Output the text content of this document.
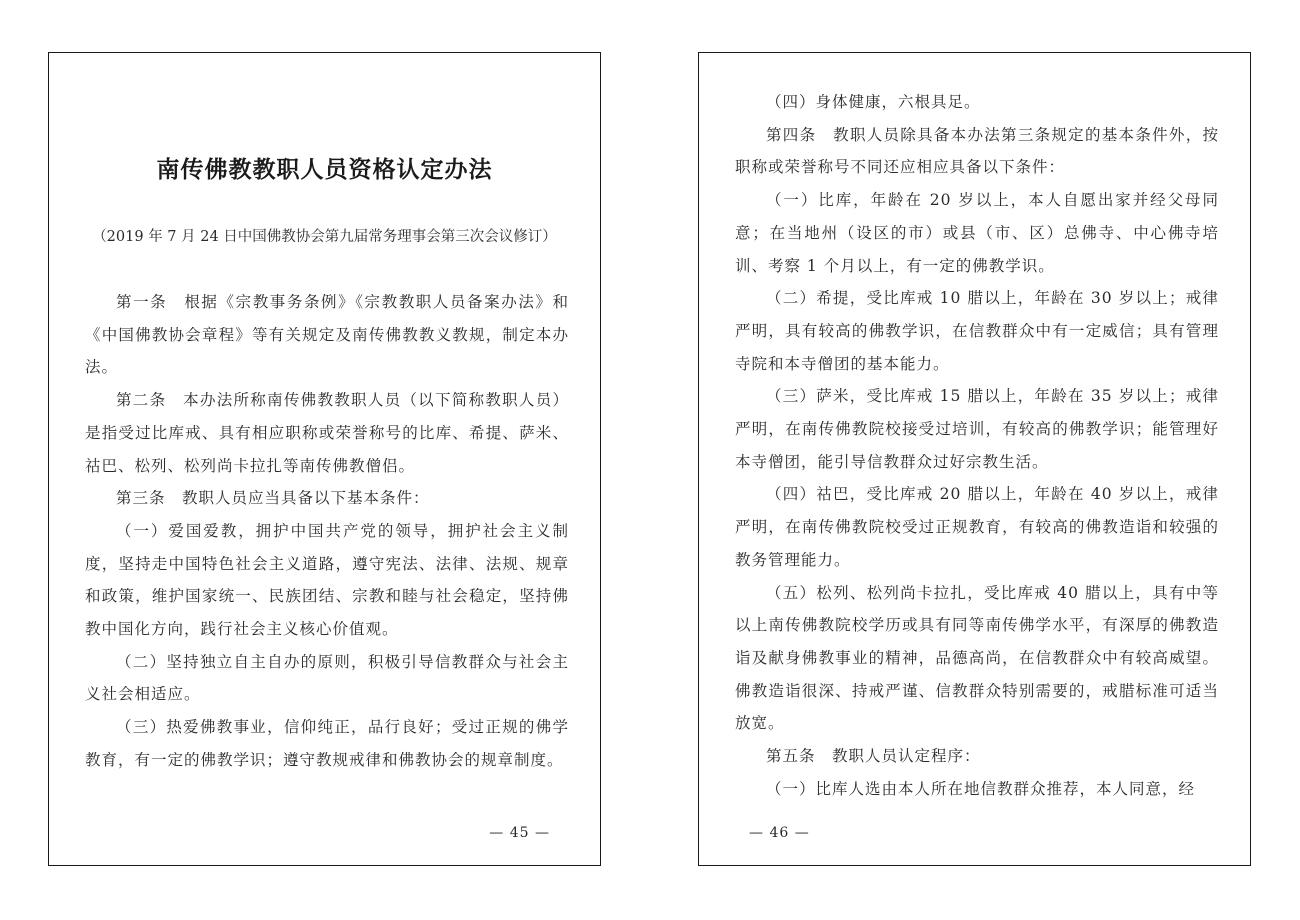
南传佛教教职人员资格认定办法
（2019 年 7 月 24 日中国佛教协会第九届常务理事会第三次会议修订）

第一条　根据《宗教事务条例》《宗教教职人员备案办法》和《中国佛教协会章程》等有关规定及南传佛教教义教规，制定本办法。

第二条　本办法所称南传佛教教职人员（以下简称教职人员）是指受过比库戒、具有相应职称或荣誉称号的比库、希提、萨米、祜巴、松列、松列尚卡拉扎等南传佛教僧侣。

第三条　教职人员应当具备以下基本条件：

（一）爱国爱教，拥护中国共产党的领导，拥护社会主义制度，坚持走中国特色社会主义道路，遵守宪法、法律、法规、规章和政策，维护国家统一、民族团结、宗教和睦与社会稳定，坚持佛教中国化方向，践行社会主义核心价值观。

（二）坚持独立自主自办的原则，积极引导信教群众与社会主义社会相适应。

（三）热爱佛教事业，信仰纯正，品行良好；受过正规的佛学教育，有一定的佛教学识；遵守教规戒律和佛教协会的规章制度。

— 45 —

（四）身体健康，六根具足。

第四条　教职人员除具备本办法第三条规定的基本条件外，按职称或荣誉称号不同还应相应具备以下条件：

（一）比库，年龄在 20 岁以上，本人自愿出家并经父母同意；在当地州（设区的市）或县（市、区）总佛寺、中心佛寺培训、考察 1 个月以上，有一定的佛教学识。

（二）希提，受比库戒 10 腊以上，年龄在 30 岁以上；戒律严明，具有较高的佛教学识，在信教群众中有一定威信；具有管理寺院和本寺僧团的基本能力。

（三）萨米，受比库戒 15 腊以上，年龄在 35 岁以上；戒律严明，在南传佛教院校接受过培训，有较高的佛教学识；能管理好本寺僧团，能引导信教群众过好宗教生活。

（四）祜巴，受比库戒 20 腊以上，年龄在 40 岁以上，戒律严明，在南传佛教院校受过正规教育，有较高的佛教造诣和较强的教务管理能力。

（五）松列、松列尚卡拉扎，受比库戒 40 腊以上，具有中等以上南传佛教院校学历或具有同等南传佛学水平，有深厚的佛教造诣及献身佛教事业的精神，品德高尚，在信教群众中有较高威望。佛教造诣很深、持戒严谨、信教群众特别需要的，戒腊标准可适当放宽。

第五条　教职人员认定程序：

（一）比库人选由本人所在地信教群众推荐，本人同意，经

— 46 —
